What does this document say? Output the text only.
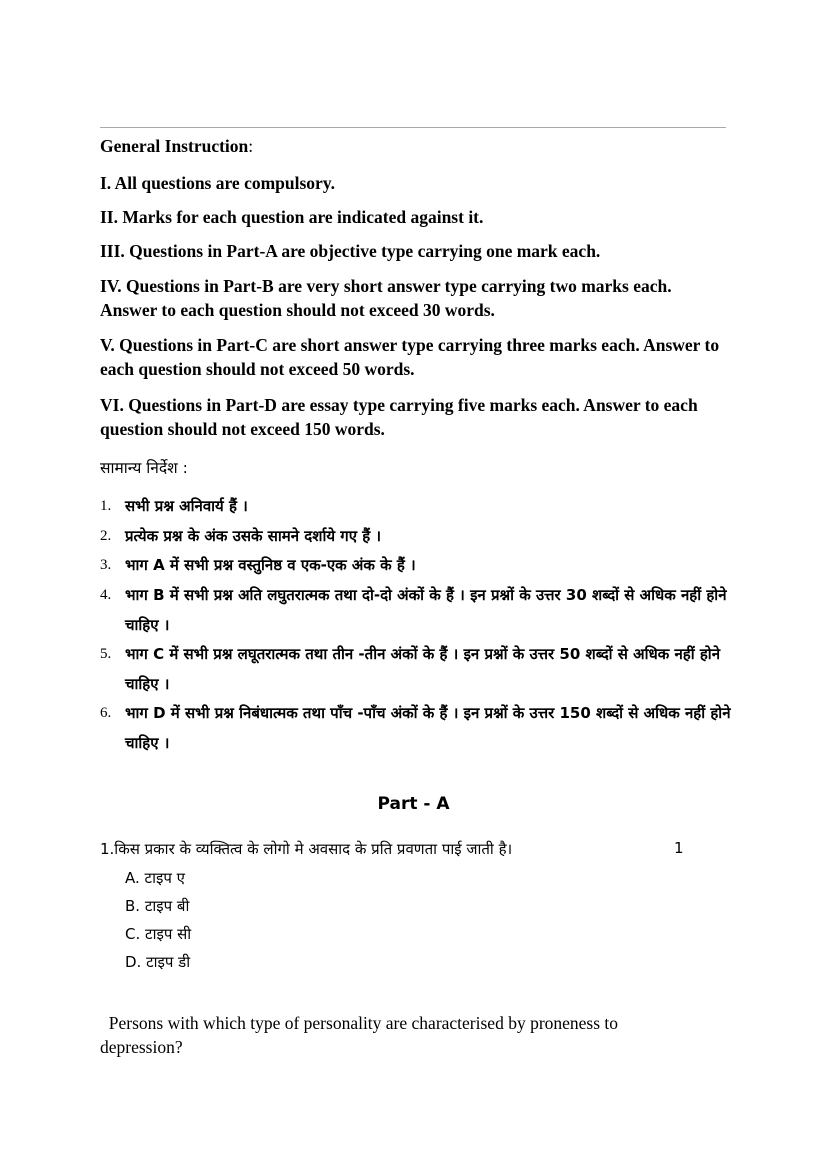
General Instruction:
I. All questions are compulsory.
II. Marks for each question are indicated against it.
III. Questions in Part-A are objective type carrying one mark each.
IV. Questions in Part-B are very short answer type carrying two marks each. Answer to each question should not exceed 30 words.
V. Questions in Part-C are short answer type carrying three marks each. Answer to each question should not exceed 50 words.
VI. Questions in Part-D are essay type carrying five marks each. Answer to each question should not exceed 150 words.
सामान्य निर्देश :
1. सभी प्रश्न अनिवार्य हैं ।
2. प्रत्येक प्रश्न के अंक उसके सामने दर्शाये गए हैं ।
3. भाग A में सभी प्रश्न वस्तुनिष्ठ व एक-एक अंक के हैं ।
4. भाग B में सभी प्रश्न अति लघुतरात्मक तथा दो-दो अंकों के हैं । इन प्रश्नों के उत्तर 30 शब्दों से अधिक नहीं होने चाहिए ।
5. भाग C में सभी प्रश्न लघूतरात्मक तथा तीन -तीन अंकों के हैं । इन प्रश्नों के उत्तर 50 शब्दों से अधिक नहीं होने चाहिए ।
6. भाग D में सभी प्रश्न निबंधात्मक तथा पाँच -पाँच अंकों के हैं । इन प्रश्नों के उत्तर 150 शब्दों से अधिक नहीं होने चाहिए ।
Part - A
1.किस प्रकार के व्यक्तित्व के लोगो मे अवसाद के प्रति प्रवणता पाई जाती है।	1
A. टाइप ए
B. टाइप बी
C. टाइप सी
D. टाइप डी
Persons with which type of personality are characterised by proneness to depression?
